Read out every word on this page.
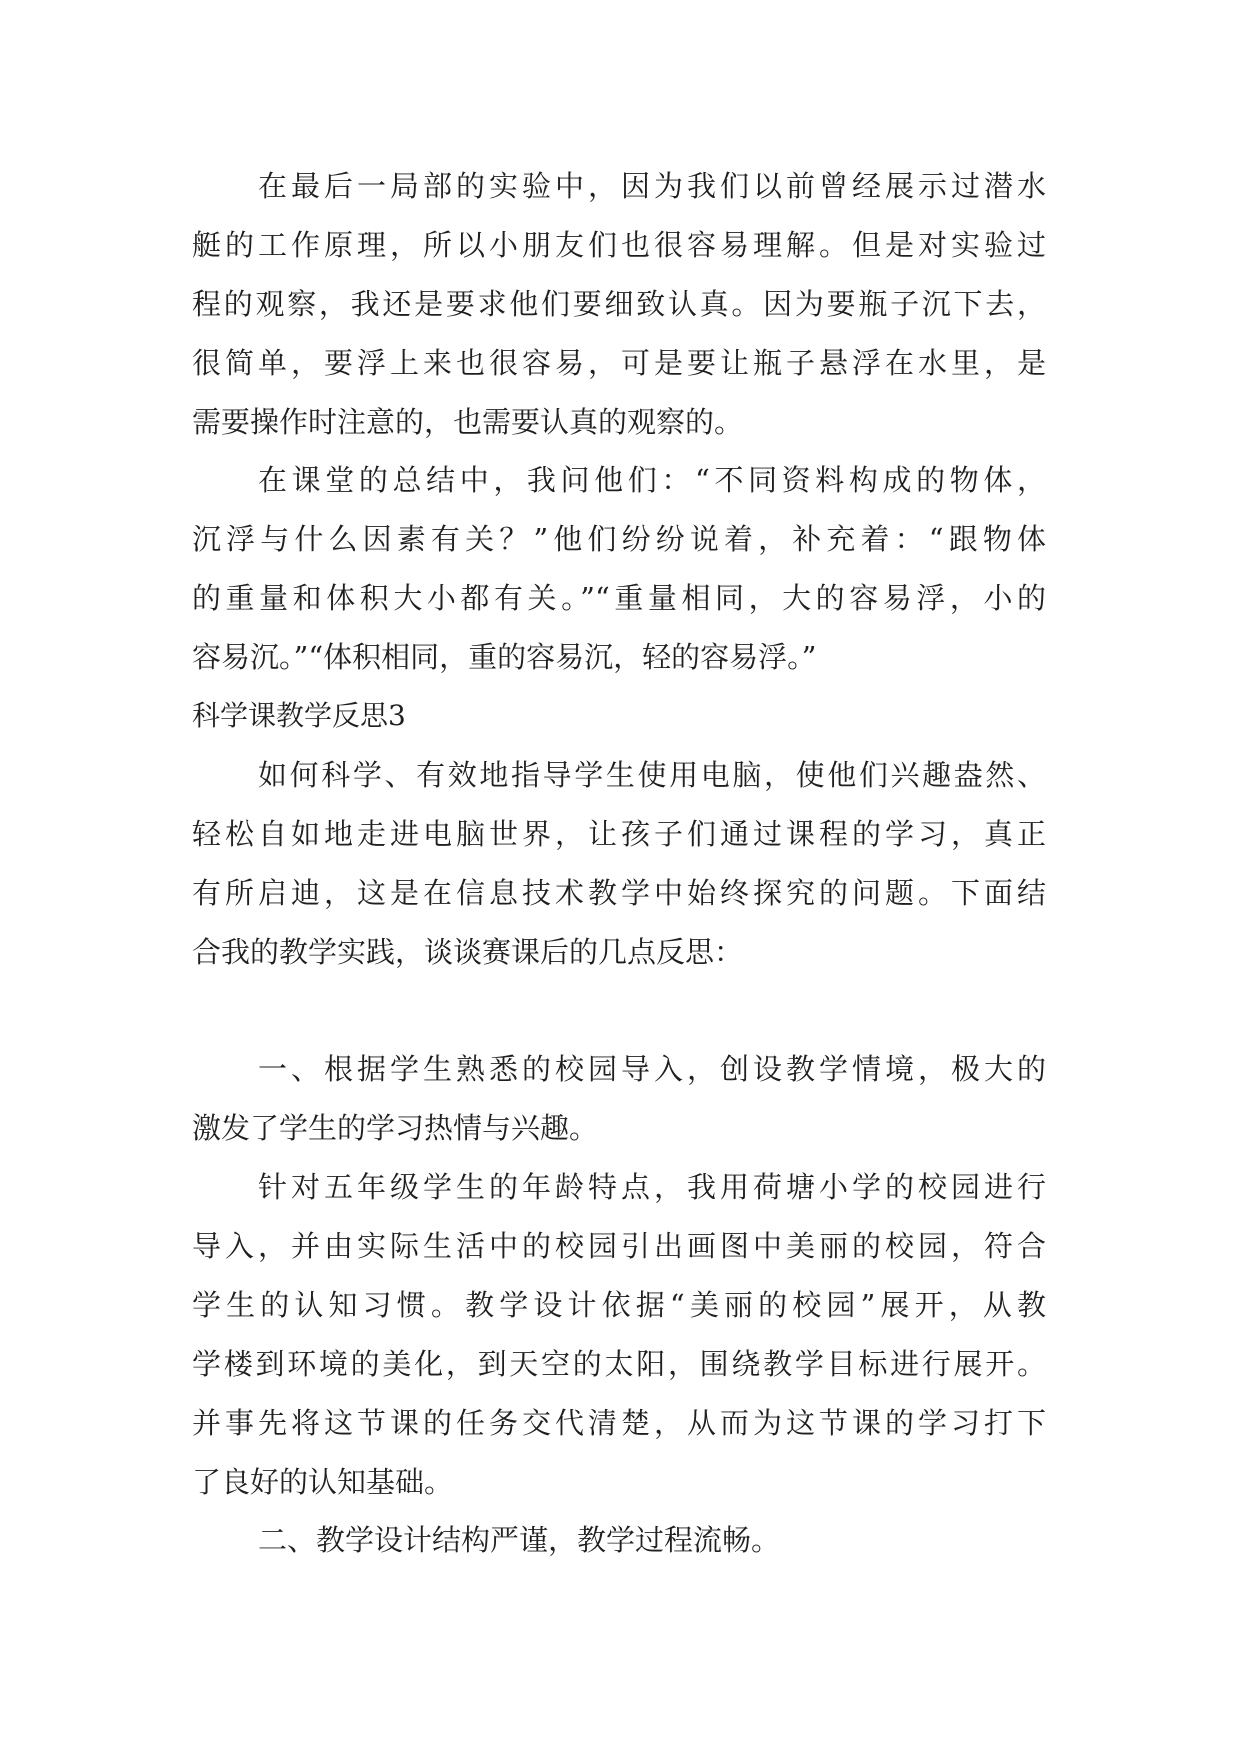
在最后一局部的实验中，因为我们以前曾经展示过潜水
艇的工作原理，所以小朋友们也很容易理解。但是对实验过
程的观察，我还是要求他们要细致认真。因为要瓶子沉下去，
很简单，要浮上来也很容易，可是要让瓶子悬浮在水里，是
需要操作时注意的，也需要认真的观察的。
在课堂的总结中，我问他们：“不同资料构成的物体，
沉浮与什么因素有关？”他们纷纷说着，补充着：“跟物体
的重量和体积大小都有关。”“重量相同，大的容易浮，小的
容易沉。”“体积相同，重的容易沉，轻的容易浮。”
科学课教学反思3
如何科学、有效地指导学生使用电脑，使他们兴趣盎然、
轻松自如地走进电脑世界，让孩子们通过课程的学习，真正
有所启迪，这是在信息技术教学中始终探究的问题。下面结
合我的教学实践，谈谈赛课后的几点反思：
一、根据学生熟悉的校园导入，创设教学情境，极大的
激发了学生的学习热情与兴趣。
针对五年级学生的年龄特点，我用荷塘小学的校园进行
导入，并由实际生活中的校园引出画图中美丽的校园，符合
学生的认知习惯。教学设计依据“美丽的校园”展开，从教
学楼到环境的美化，到天空的太阳，围绕教学目标进行展开。
并事先将这节课的任务交代清楚，从而为这节课的学习打下
了良好的认知基础。
二、教学设计结构严谨，教学过程流畅。
